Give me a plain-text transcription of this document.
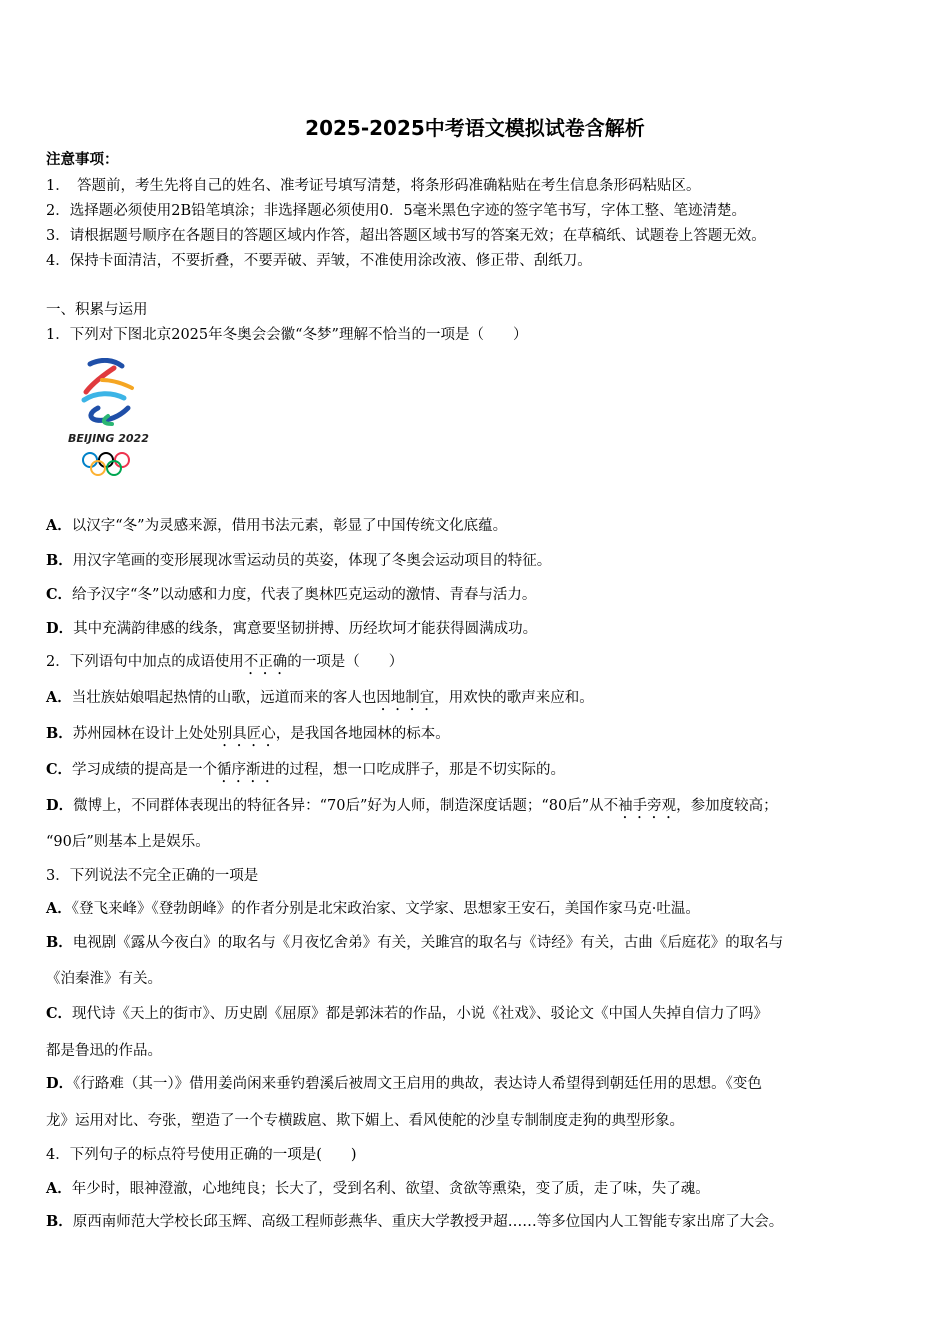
2025-2025中考语文模拟试卷含解析
注意事项：
1．　答题前，考生先将自己的姓名、准考证号填写清楚，将条形码准确粘贴在考生信息条形码粘贴区。
2．选择题必须使用2B铅笔填涂；非选择题必须使用0．5毫米黑色字迹的签字笔书写，字体工整、笔迹清楚。
3．请根据题号顺序在各题目的答题区域内作答，超出答题区域书写的答案无效；在草稿纸、试题卷上答题无效。
4．保持卡面清洁，不要折叠，不要弄破、弄皱，不准使用涂改液、修正带、刮纸刀。
一、积累与运用
1．下列对下图北京2025年冬奥会会徽“冬梦”理解不恰当的一项是（　　）
BEIJING 2022
A．以汉字“冬”为灵感来源，借用书法元素，彰显了中国传统文化底蕴。
B．用汉字笔画的变形展现冰雪运动员的英姿，体现了冬奥会运动项目的特征。
C．给予汉字“冬”以动感和力度，代表了奥林匹克运动的激情、青春与活力。
D．其中充满韵律感的线条，寓意要坚韧拼搏、历经坎坷才能获得圆满成功。
2．下列语句中加点的成语使用不正确的一项是（　　）
A．当壮族姑娘唱起热情的山歌，远道而来的客人也因地制宜，用欢快的歌声来应和。
B．苏州园林在设计上处处别具匠心，是我国各地园林的标本。
C．学习成绩的提高是一个循序渐进的过程，想一口吃成胖子，那是不切实际的。
D．微博上，不同群体表现出的特征各异：“70后”好为人师，制造深度话题；“80后”从不袖手旁观，参加度较高；
“90后”则基本上是娱乐。
3．下列说法不完全正确的一项是
A．《登飞来峰》《登勃朗峰》的作者分别是北宋政治家、文学家、思想家王安石，美国作家马克·吐温。
B．电视剧《露从今夜白》的取名与《月夜忆舍弟》有关，关雎宫的取名与《诗经》有关，古曲《后庭花》的取名与
《泊秦淮》有关。
C．现代诗《天上的街市》、历史剧《屈原》都是郭沫若的作品，小说《社戏》、驳论文《中国人失掉自信力了吗》
都是鲁迅的作品。
D．《行路难（其一）》借用姜尚闲来垂钓碧溪后被周文王启用的典故，表达诗人希望得到朝廷任用的思想。《变色
龙》运用对比、夸张，塑造了一个专横跋扈、欺下媚上、看风使舵的沙皇专制制度走狗的典型形象。
4．下列句子的标点符号使用正确的一项是(　　)
A．年少时，眼神澄澈，心地纯良；长大了，受到名利、欲望、贪欲等熏染，变了质，走了味，失了魂。
B．原西南师范大学校长邱玉辉、高级工程师彭燕华、重庆大学教授尹超……等多位国内人工智能专家出席了大会。
